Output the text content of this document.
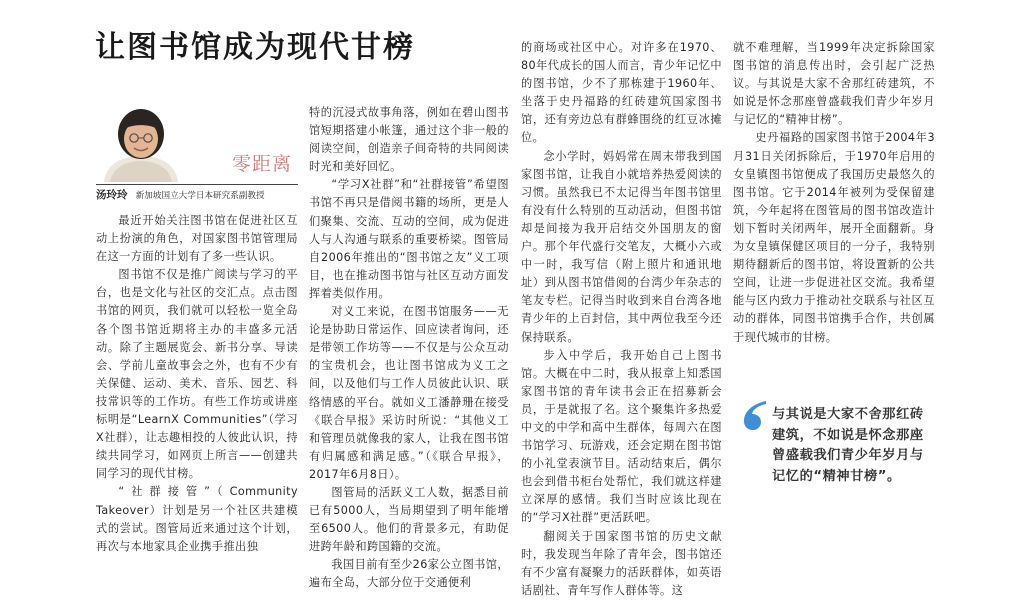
让图书馆成为现代甘榜
零距离
汤玲玲 新加坡国立大学日本研究系副教授

最近开始关注图书馆在促进社区互动上扮演的角色，对国家图书馆管理局在这一方面的计划有了多一些认识。

图书馆不仅是推广阅读与学习的平台，也是文化与社区的交汇点。点击图书馆的网页，我们就可以轻松一览全岛各个图书馆近期将主办的丰盛多元活动。除了主题展览会、新书分享、导读会、学前儿童故事会之外，也有不少有关保健、运动、美术、音乐、园艺、科技常识等的工作坊。有些工作坊或讲座标明是“LearnX Communities”（学习X社群），让志趣相投的人彼此认识，持续共同学习，如网页上所言——创建共同学习的现代甘榜。

“社群接管”（Community Takeover）计划是另一个社区共建模式的尝试。图管局近来通过这个计划，再次与本地家具企业携手推出独

特的沉浸式故事角落，例如在碧山图书馆短期搭建小帐篷，通过这个非一般的阅读空间，创造亲子间奇特的共同阅读时光和美好回忆。

“学习X社群”和“社群接管”希望图书馆不再只是借阅书籍的场所，更是人们聚集、交流、互动的空间，成为促进人与人沟通与联系的重要桥梁。图管局自2006年推出的“图书馆之友”义工项目，也在推动图书馆与社区互动方面发挥着类似作用。

对义工来说，在图书馆服务——无论是协助日常运作、回应读者询问，还是带领工作坊等——不仅是与公众互动的宝贵机会，也让图书馆成为义工之间，以及他们与工作人员彼此认识、联络情感的平台。就如义工潘静珊在接受《联合早报》采访时所说：“其他义工和管理员就像我的家人，让我在图书馆有归属感和满足感。”（《联合早报》，2017年6月8日）。

图管局的活跃义工人数，据悉目前已有5000人，当局期望到了明年能增至6500人。他们的背景多元，有助促进跨年龄和跨国籍的交流。

我国目前有至少26家公立图书馆，遍布全岛，大部分位于交通便利

的商场或社区中心。对许多在1970、80年代成长的国人而言，青少年记忆中的图书馆，少不了那栋建于1960年、坐落于史丹福路的红砖建筑国家图书馆，还有旁边总有群蜂围绕的红豆冰摊位。

念小学时，妈妈常在周末带我到国家图书馆，让我自小就培养热爱阅读的习惯。虽然我已不太记得当年图书馆里有没有什么特别的互动活动，但图书馆却是间接为我开启结交外国朋友的窗户。那个年代盛行交笔友，大概小六或中一时，我写信（附上照片和通讯地址）到从图书馆借阅的台湾少年杂志的笔友专栏。记得当时收到来自台湾各地青少年的上百封信，其中两位我至今还保持联系。

步入中学后，我开始自己上图书馆。大概在中二时，我从报章上知悉国家图书馆的青年读书会正在招募新会员，于是就报了名。这个聚集许多热爱中文的中学和高中生群体，每周六在图书馆学习、玩游戏，还会定期在图书馆的小礼堂表演节目。活动结束后，偶尔也会到借书柜台处帮忙，我们就这样建立深厚的感情。我们当时应该比现在的“学习X社群”更活跃吧。

翻阅关于国家图书馆的历史文献时，我发现当年除了青年会，图书馆还有不少富有凝聚力的活跃群体，如英语话剧社、青年写作人群体等。这

就不难理解，当1999年决定拆除国家图书馆的消息传出时，会引起广泛热议。与其说是大家不舍那红砖建筑，不如说是怀念那座曾盛载我们青少年岁月与记忆的“精神甘榜”。

史丹福路的国家图书馆于2004年3月31日关闭拆除后，于1970年启用的女皇镇图书馆便成了我国历史最悠久的图书馆。它于2014年被列为受保留建筑，今年起将在图管局的图书馆改造计划下暂时关闭两年，展开全面翻新。身为女皇镇保健区项目的一分子，我特别期待翻新后的图书馆，将设置新的公共空间，让进一步促进社区交流。我希望能与区内致力于推动社交联系与社区互动的群体，同图书馆携手合作，共创属于现代城市的甘榜。

与其说是大家不舍那红砖建筑，不如说是怀念那座曾盛载我们青少年岁月与记忆的“精神甘榜”。
